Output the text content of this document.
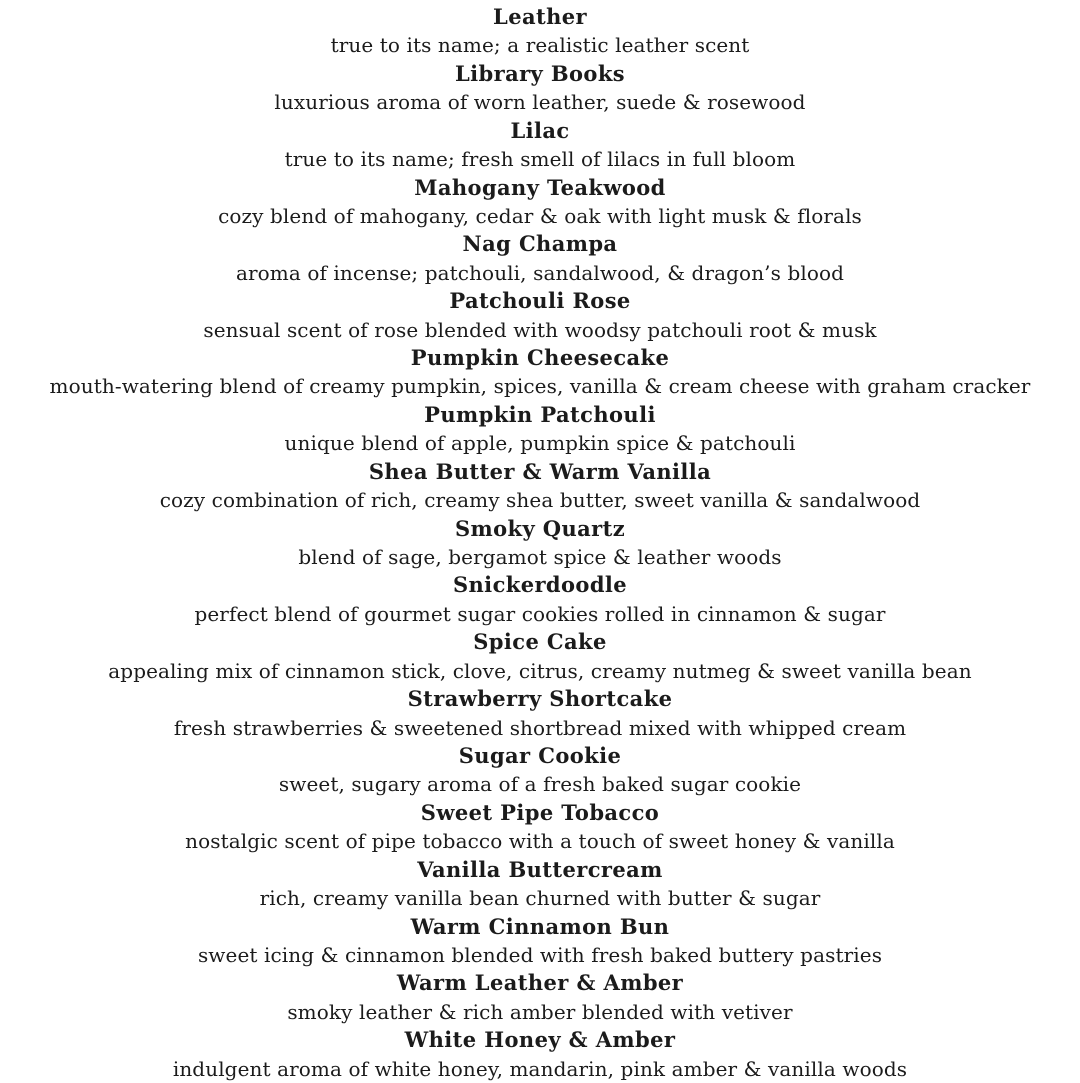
Leather
true to its name; a realistic leather scent
Library Books
luxurious aroma of worn leather, suede & rosewood
Lilac
true to its name; fresh smell of lilacs in full bloom
Mahogany Teakwood
cozy blend of mahogany, cedar & oak with light musk & florals
Nag Champa
aroma of incense; patchouli, sandalwood, & dragon’s blood
Patchouli Rose
sensual scent of rose blended with woodsy patchouli root & musk
Pumpkin Cheesecake
mouth-watering blend of creamy pumpkin, spices, vanilla & cream cheese with graham cracker
Pumpkin Patchouli
unique blend of apple, pumpkin spice & patchouli
Shea Butter & Warm Vanilla
cozy combination of rich, creamy shea butter, sweet vanilla & sandalwood
Smoky Quartz
blend of sage, bergamot spice & leather woods
Snickerdoodle
perfect blend of gourmet sugar cookies rolled in cinnamon & sugar
Spice Cake
appealing mix of cinnamon stick, clove, citrus, creamy nutmeg & sweet vanilla bean
Strawberry Shortcake
fresh strawberries & sweetened shortbread mixed with whipped cream
Sugar Cookie
sweet, sugary aroma of a fresh baked sugar cookie
Sweet Pipe Tobacco
nostalgic scent of pipe tobacco with a touch of sweet honey & vanilla
Vanilla Buttercream
rich, creamy vanilla bean churned with butter & sugar
Warm Cinnamon Bun
sweet icing & cinnamon blended with fresh baked buttery pastries
Warm Leather & Amber
smoky leather & rich amber blended with vetiver
White Honey & Amber
indulgent aroma of white honey, mandarin, pink amber & vanilla woods
